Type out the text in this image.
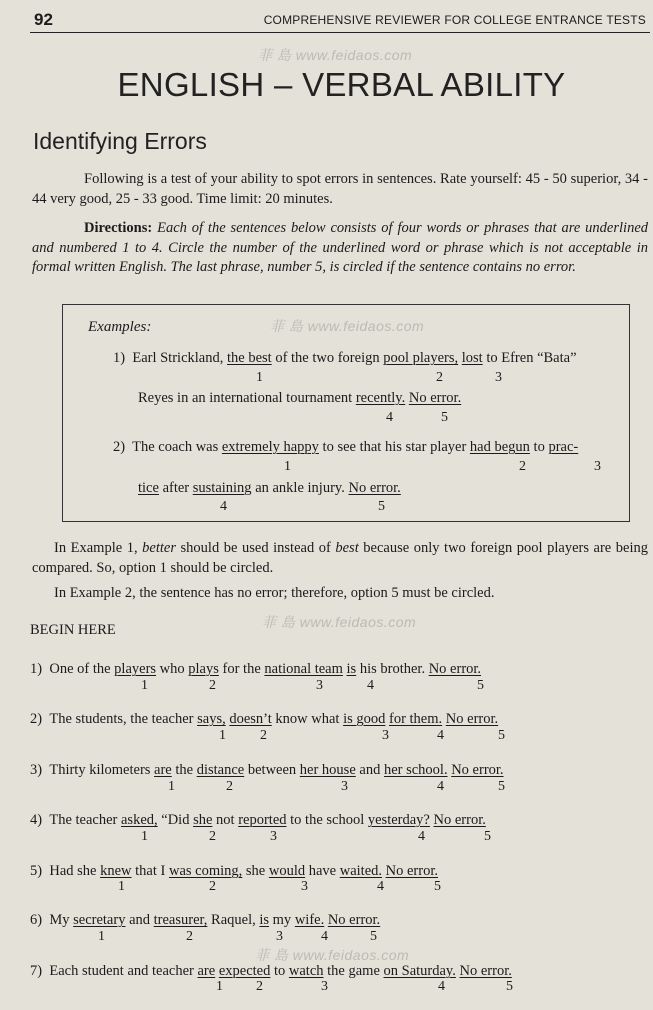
92	COMPREHENSIVE REVIEWER FOR COLLEGE ENTRANCE TESTS
菲 島 www.feidaos.com
菲 島 www.feidaos.com
菲 島 www.feidaos.com
菲 島 www.feidaos.com
ENGLISH – VERBAL ABILITY
Identifying Errors
Following is a test of your ability to spot errors in sentences. Rate yourself: 45 - 50 superior, 34 - 44 very good, 25 - 33 good. Time limit: 20 minutes.
Directions: Each of the sentences below consists of four words or phrases that are underlined and numbered 1 to 4. Circle the number of the underlined word or phrase which is not acceptable in formal written English. The last phrase, number 5, is circled if the sentence contains no error.
Examples:
1) Earl Strickland, the best of the two foreign pool players, lost to Efren “Bata”
1	2	3
Reyes in an international tournament recently. No error.
4	5
2) The coach was extremely happy to see that his star player had begun to prac-
1	2	3
tice after sustaining an ankle injury. No error.
4	5
In Example 1, better should be used instead of best because only two foreign pool players are being compared. So, option 1 should be circled.
In Example 2, the sentence has no error; therefore, option 5 must be circled.
BEGIN HERE
1) One of the players who plays for the national team is his brother. No error.
1	2	3	4	5
2) The students, the teacher says, doesn’t know what is good for them. No error.
1 2	3	4	5
3) Thirty kilometers are the distance between her house and her school. No error.
1	2	3	4	5
4) The teacher asked, “Did she not reported to the school yesterday? No error.
1	2	3	4	5
5) Had she knew that I was coming, she would have waited. No error.
1	2	3	4	5
6) My secretary and treasurer, Raquel, is my wife. No error.
1	2	3	4	5
7) Each student and teacher are expected to watch the game on Saturday. No error.
1 2	3	4	5
